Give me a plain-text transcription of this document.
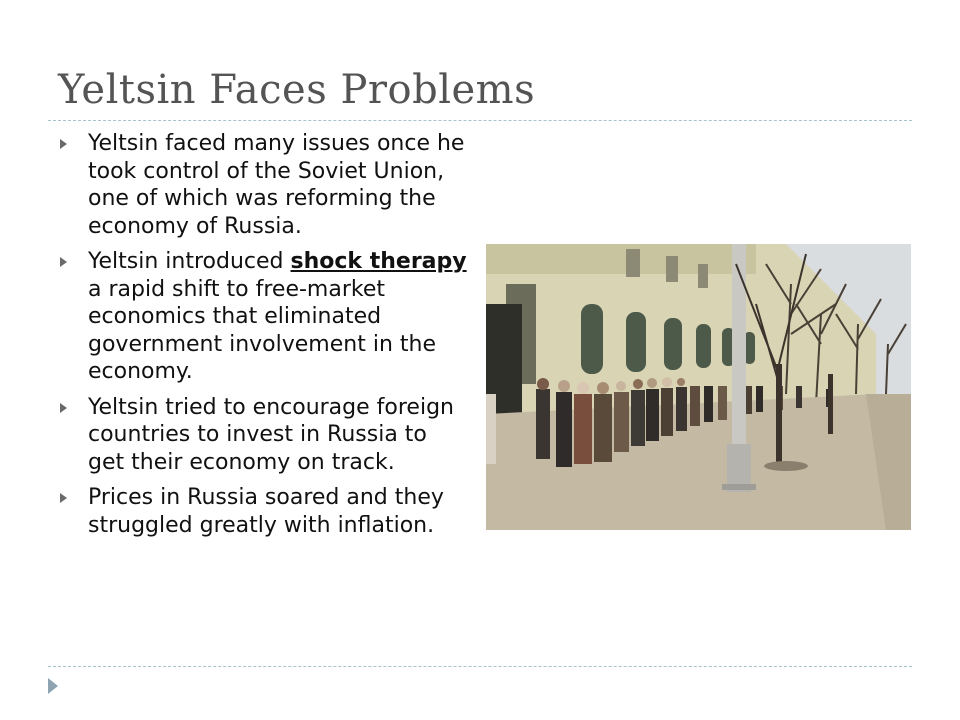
Yeltsin Faces Problems
Yeltsin faced many issues once he took control of the Soviet Union, one of which was reforming the economy of Russia.
Yeltsin introduced shock therapy a rapid shift to free-market economics that eliminated government involvement in the economy.
Yeltsin tried to encourage foreign countries to invest in Russia to get their economy on track.
Prices in Russia soared and they struggled greatly with inflation.
